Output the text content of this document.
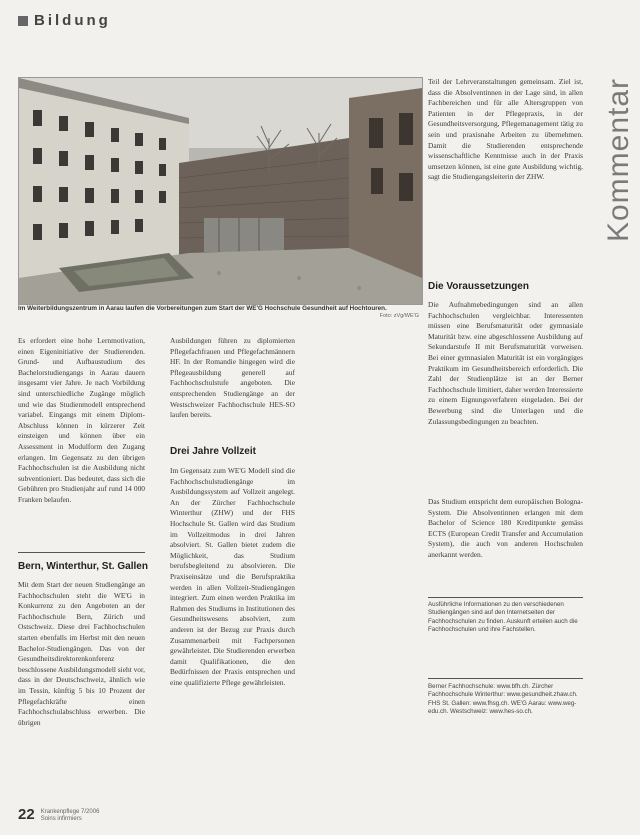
Bildung
Kommentar
Im Weiterbildungszentrum in Aarau laufen die Vorbereitungen zum Start der WE'G Hochschule Gesundheit auf Hochtouren.
Foto: zVg/WE'G

Es erfordert eine hohe Lernmotivation, einen Eigeninitiative der Studierenden. Grund- und Aufbaustudium des Bachelorstudiengangs in Aarau dauern insgesamt vier Jahre. Je nach Vorbildung sind unterschiedliche Zugänge möglich und wie das Studienmodell entsprechend variabel. Eingangs mit einem Diplom-Abschluss können in kürzerer Zeit einsteigen und können über ein Assessment in Modulform den Zugang erlangen. Im Gegensatz zu den übrigen Fachhochschulen ist die Ausbildung nicht subventioniert. Das bedeutet, dass sich die Gebühren pro Studienjahr auf rund 14 000 Franken belaufen.

Bern, Winterthur, St. Gallen

Mit dem Start der neuen Studiengänge an Fachhochschulen steht die WE'G in Konkurrenz zu den Angeboten an der Fachhochschule Bern, Zürich und Ostschweiz. Diese drei Fachhochschulen starten ebenfalls im Herbst mit den neuen Bachelor-Studiengängen. Das von der Gesundheitsdirektorenkonferenz beschlossene Ausbildungsmodell sieht vor, dass in der Deutschschweiz, ähnlich wie im Tessin, künftig 5 bis 10 Prozent der Pflegefachkräfte einen Fachhochschulabschluss erwerben. Die übrigen

Ausbildungen führen zu diplomierten Pflegefachfrauen und Pflegefachmännern HF. In der Romandie hingegen wird die Pflegeausbildung generell auf Fachhochschulstufe angeboten. Die entsprechenden Studiengänge an der Westschweizer Fachhochschule HES-SO laufen bereits.

Drei Jahre Vollzeit

Im Gegensatz zum WE'G Modell sind die Fachhochschulstudiengänge im Ausbildungssystem auf Vollzeit angelegt. An der Zürcher Fachhochschule Winterthur (ZHW) und der FHS Hochschule St. Gallen wird das Studium im Vollzeitmodus in drei Jahren absolviert. St. Gallen bietet zudem die Möglichkeit, das Studium berufsbegleitend zu absolvieren. Die Praxiseinsätze und die Berufspraktika werden in allen Vollzeit-Studiengängen integriert. Zum einen werden Praktika im Rahmen des Studiums in Institutionen des Gesundheitswesens absolviert, zum anderen ist der Bezug zur Praxis durch Zusammenarbeit mit Fachpersonen gewährleistet. Die Studierenden erwerben damit Qualifikationen, die den Bedürfnissen der Praxis entsprechen und eine qualifizierte Pflege gewährleisten.

Teil der Lehrveranstaltungen gemeinsam. Ziel ist, dass die Absolventinnen in der Lage sind, in allen Fachbereichen und für alle Altersgruppen von Patienten in der Pflegepraxis, in der Gesundheitsversorgung, Pflegemanagement tätig zu sein und praxisnahe Arbeiten zu übernehmen. Damit die Studierenden entsprechende wissenschaftliche Kenntnisse auch in der Praxis umsetzen können, ist eine gute Ausbildung wichtig, sagt die Studiengangsleiterin der ZHW.

Die Voraussetzungen

Die Aufnahmebedingungen sind an allen Fachhochschulen vergleichbar. Interessenten müssen eine Berufsmaturität oder gymnasiale Maturität bzw. eine abgeschlossene Ausbildung auf Sekundarstufe II mit Berufsmaturität vorweisen. Bei einer gymnasialen Maturität ist ein vorgängiges Praktikum im Gesundheitsbereich erforderlich. Die Zahl der Studienplätze ist an der Berner Fachhochschule limitiert, daher werden Interessierte zu einem Eignungsverfahren eingeladen. Bei der Bewerbung sind die Unterlagen und die Zulassungsbedingungen zu beachten.

Das Studium entspricht dem europäischen Bologna-System. Die Absolventinnen erlangen mit dem Bachelor of Science 180 Kreditpunkte gemäss ECTS (European Credit Transfer and Accumulation System), die auch von anderen Hochschulen anerkannt werden.

Ausführliche Informationen zu den verschiedenen Studiengängen sind auf den Internetseiten der Fachhochschulen zu finden. Auskunft erteilen auch die Fachhochschulen und ihre Fachstellen.
Berner Fachhochschule: www.bfh.ch. Zürcher Fachhochschule Winterthur: www.gesundheit.zhaw.ch. FHS St. Gallen: www.fhsg.ch. WE'G Aarau: www.weg-edu.ch. Westschweiz: www.hes-so.ch.
22 Krankenpflege 7/2006 Soins infirmiers
